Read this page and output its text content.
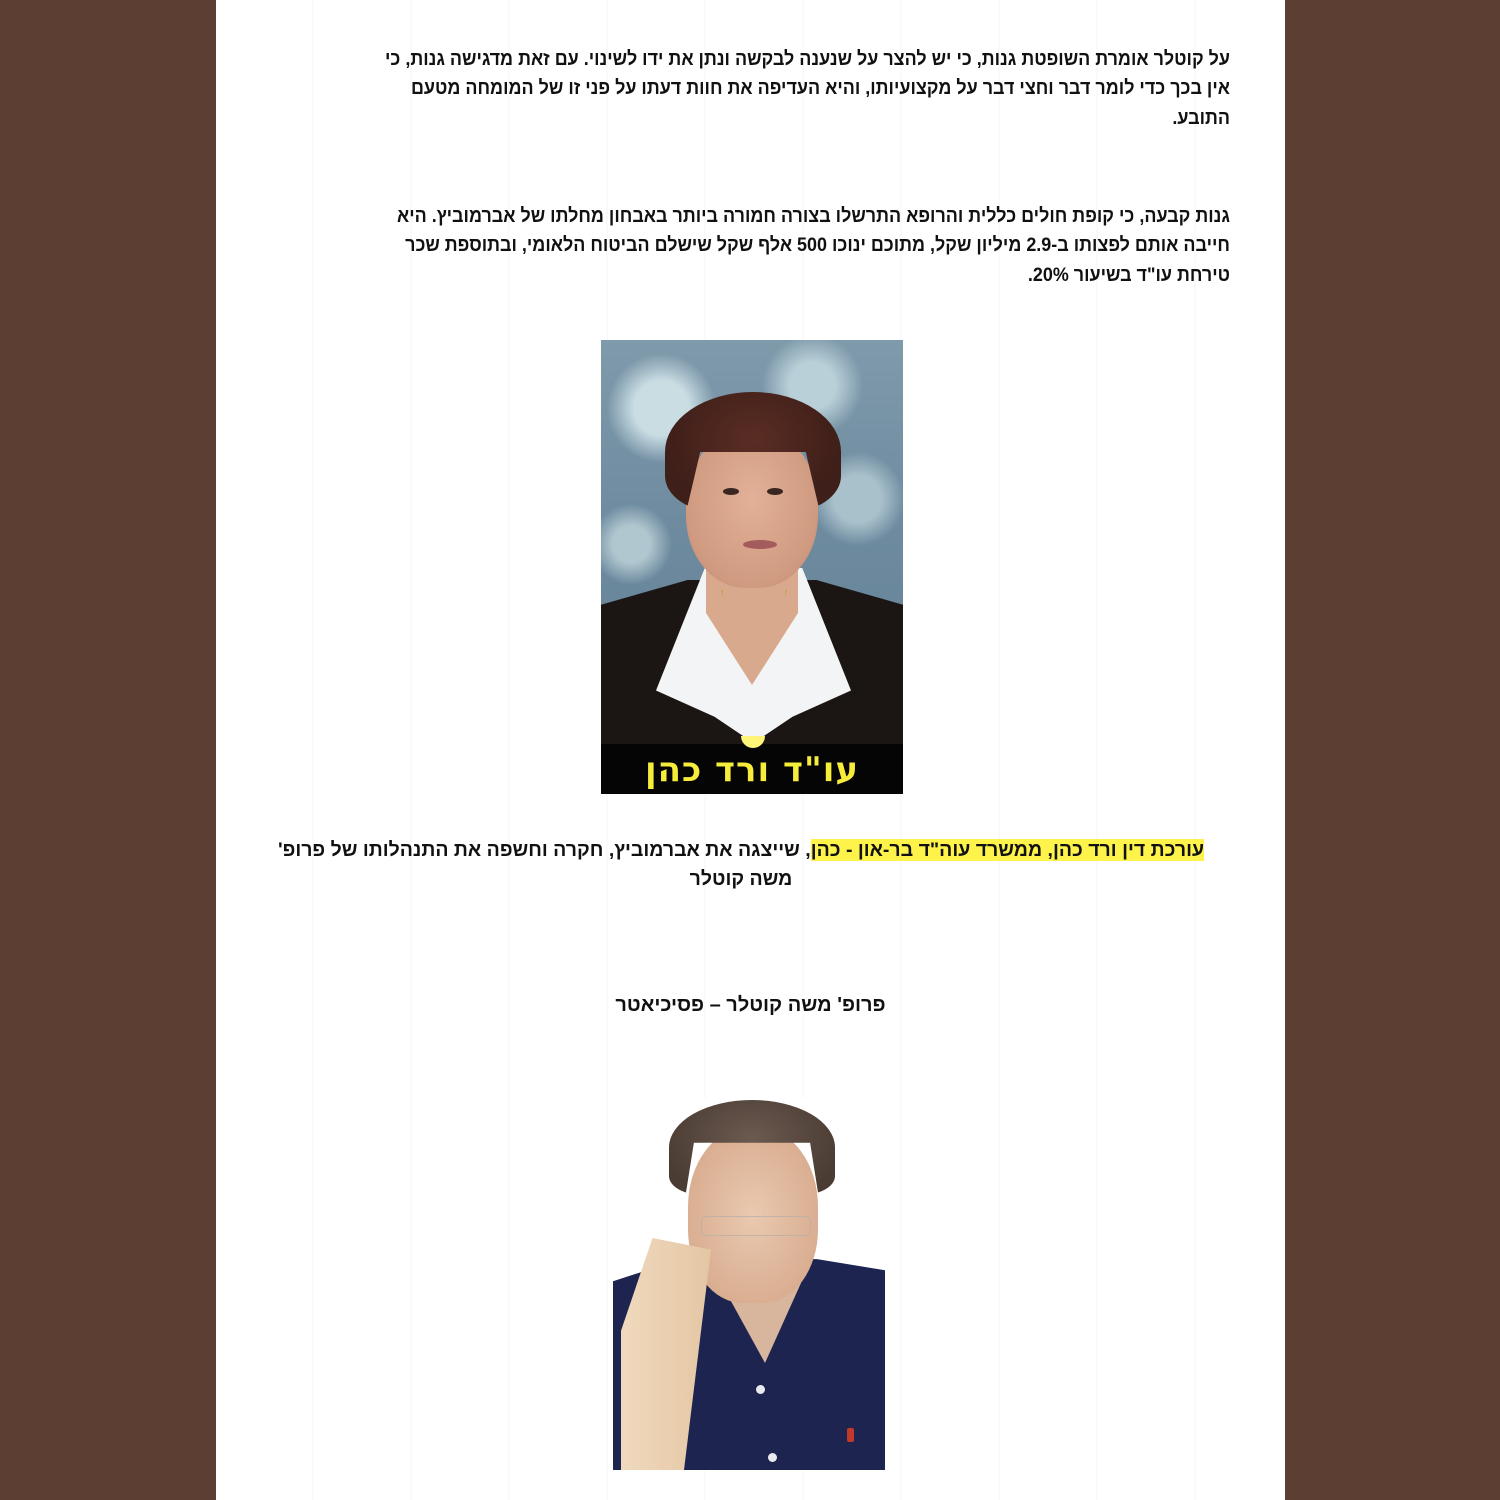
על קוטלר אומרת השופטת גנות, כי יש להצר על שנענה לבקשה ונתן את ידו לשינוי. עם זאת מדגישה גנות, כי אין בכך כדי לומר דבר וחצי דבר על מקצועיותו, והיא העדיפה את חוות דעתו על פני זו של המומחה מטעם התובע.

גנות קבעה, כי קופת חולים כללית והרופא התרשלו בצורה חמורה ביותר באבחון מחלתו של אברמוביץ. היא חייבה אותם לפצותו ב-2.9 מיליון שקל, מתוכם ינוכו 500 אלף שקל שישלם הביטוח הלאומי, ובתוספת שכר טירחת עו"ד בשיעור 20%.

עו"ד ורד כהן

עורכת דין ורד כהן, ממשרד עוה"ד בר-און - כהן, שייצגה את אברמוביץ, חקרה וחשפה את התנהלותו של פרופ' משה קוטלר

פרופ' משה קוטלר – פסיכיאטר
